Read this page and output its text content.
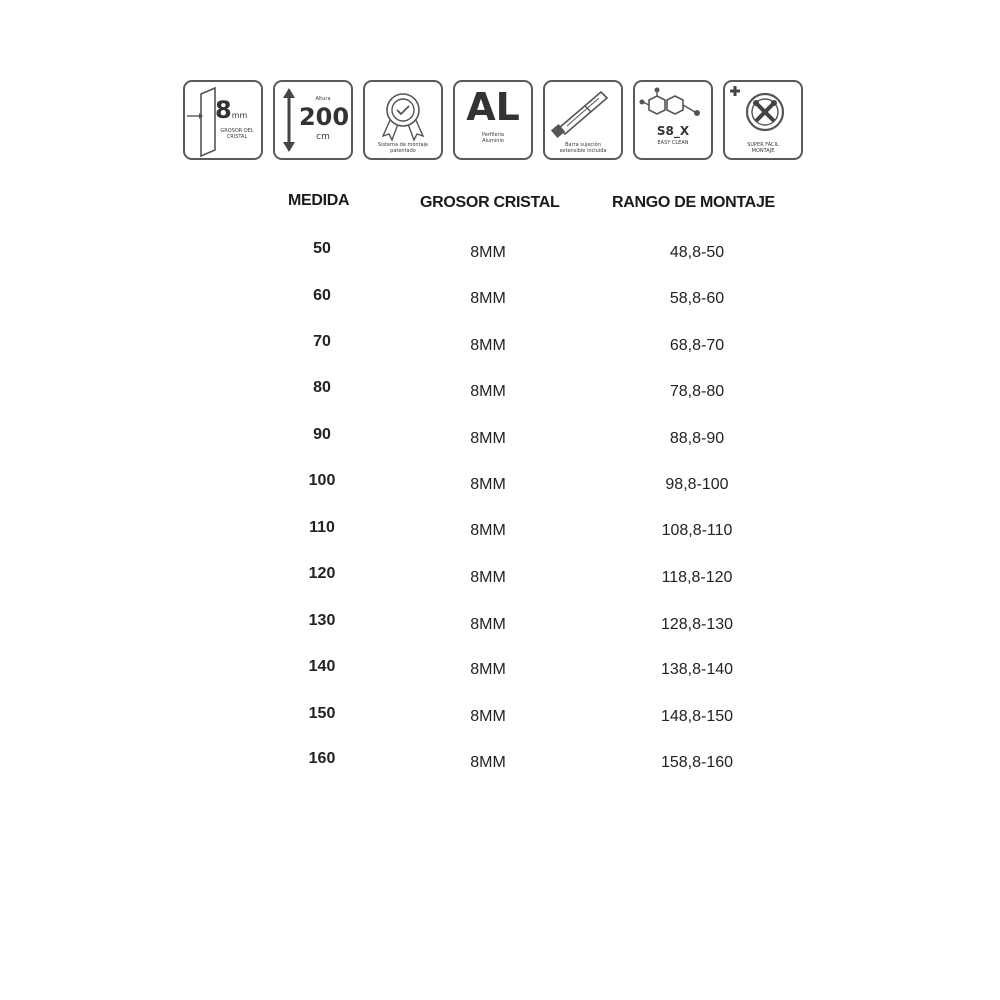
8mm
GROSOR DEL
CRISTAL
Altura
200
cm
Sistema de montaje
patentado
AL
Perfilería
Aluminio
Barra sujeción
extensible incluida
S8_X
EASY CLEAN	SUPER FÁCIL
MONTAJE
MEDIDA	GROSOR CRISTAL	RANGO DE MONTAJE
50	8MM	48,8-50
60	8MM	58,8-60
70	8MM	68,8-70
80	8MM	78,8-80
90	8MM	88,8-90
100	8MM	98,8-100
110	8MM	108,8-110
120	8MM	118,8-120
130	8MM	128,8-130
140	8MM	138,8-140
150	8MM	148,8-150
160	8MM	158,8-160
